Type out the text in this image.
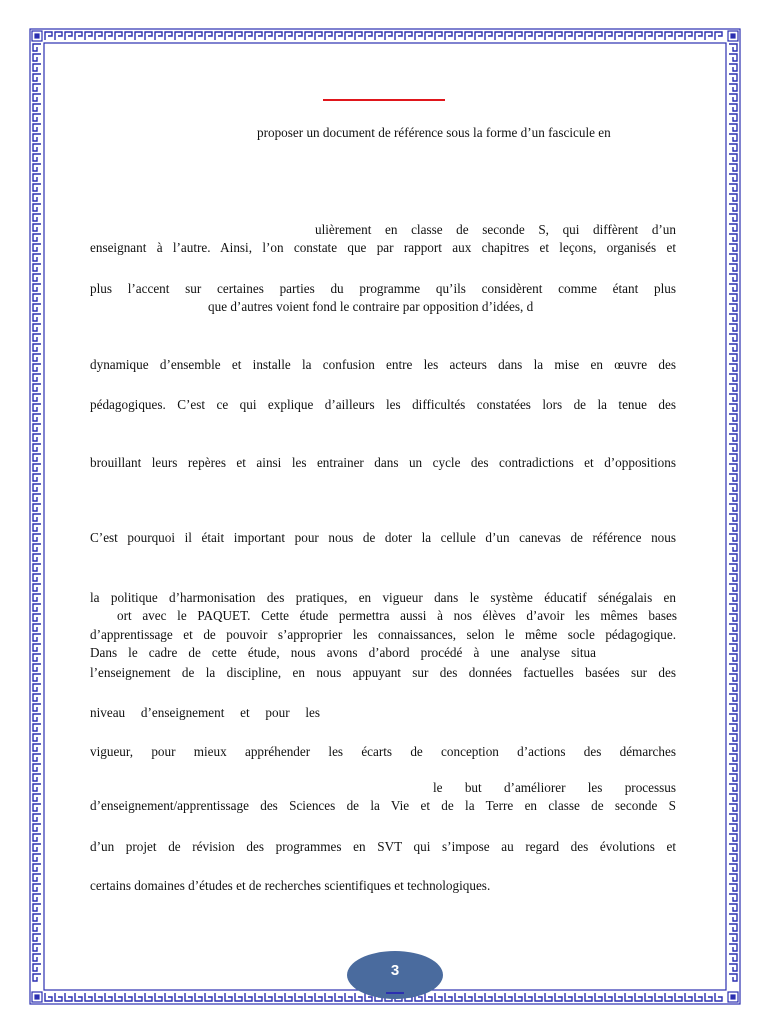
proposer un document de référence sous la forme d’un fascicule en
ulièrement en classe de seconde S, qui diffèrent d’un
enseignant à l’autre. Ainsi, l’on constate que par rapport aux chapitres et leçons, organisés et
plus l’accent sur certaines parties du programme qu’ils considèrent comme étant plus
que d’autres voient fond le contraire par opposition d’idées, d
dynamique d’ensemble et installe la confusion entre les acteurs dans la mise en œuvre des
pédagogiques. C’est ce qui explique d’ailleurs les difficultés constatées lors de la tenue des
brouillant leurs repères et ainsi les entrainer dans un cycle des contradictions et d’oppositions
C’est pourquoi il était important pour nous de doter la cellule d’un canevas de référence nous
la politique d’harmonisation des pratiques, en vigueur dans le système éducatif sénégalais en
ort avec le PAQUET. Cette étude permettra aussi à nos élèves d’avoir les mêmes bases
d’apprentissage et de pouvoir s’approprier les connaissances, selon le même socle pédagogique.
Dans le cadre de cette étude, nous avons d’abord procédé à une analyse situa
l’enseignement de la discipline, en nous appuyant sur des données factuelles basées sur des
niveau d’enseignement et pour les
vigueur, pour mieux appréhender les écarts de conception d’actions des démarches
le but d’améliorer les processus
d’enseignement/apprentissage des Sciences de la Vie et de la Terre en classe de seconde S
d’un projet de révision des programmes en SVT qui s’impose au regard des évolutions et
certains domaines d’études et de recherches scientifiques et technologiques.
3
